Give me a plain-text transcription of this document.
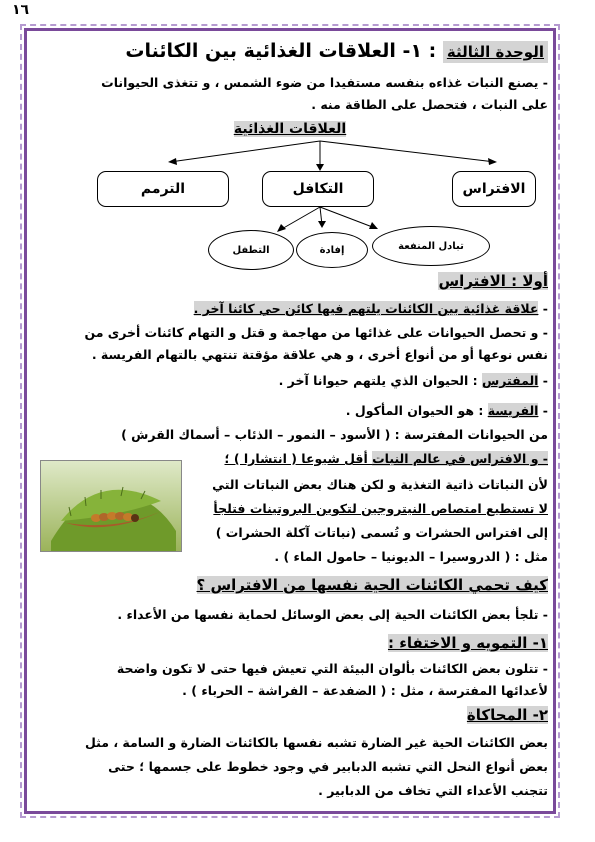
١٦
الوحدة الثالثة : ١- العلاقات الغذائية بين الكائنات
- يصنع النبات غذاءه بنفسه مستفيدا من ضوء الشمس ، و تتغذى الحيوانات
على النبات ، فتحصل على الطاقة منه .
العلاقات الغذائية
الافتراس
التكافل
الترمم
تبادل المنفعة
إفادة
التطفل
أولا : الافتراس
- علاقة غذائية بين الكائنات يلتهم فيها كائن حي كائنا آخر .
- و تحصل الحيوانات على غذائها من مهاجمة و قتل و التهام كائنات أخرى من
نفس نوعها أو من أنواع أخرى ، و هي علاقة مؤقتة تنتهي بالتهام الفريسة .
- المفترس : الحيوان الذي يلتهم حيوانا آخر .
- الفريسة : هو الحيوان المأكول .
من الحيوانات المفترسة : ( الأسود – النمور – الذئاب – أسماك القرش )
- و الافتراس في عالم النبات أقل شيوعا ( انتشارا ) ؛
لأن النباتات ذاتية التغذية و لكن هناك بعض النباتات التي
لا تستطيع امتصاص النيتروجين لتكوين البروتينات فتلجأ
إلى افتراس الحشرات و تُسمى (نباتات آكلة الحشرات )
مثل : ( الدروسيرا – الديونيا – حامول الماء ) .
كيف تحمي الكائنات الحية نفسها من الافتراس ؟
- تلجأ بعض الكائنات الحية إلى بعض الوسائل لحماية نفسها من الأعداء .
١- التمويه و الاختفاء :
- تتلون بعض الكائنات بألوان البيئة التي تعيش فيها حتى لا تكون واضحة
لأعدائها المفترسة ، مثل : ( الضفدعة – الفراشة – الحرباء ) .
٢- المحاكاة
بعض الكائنات الحية غير الضارة تشبه نفسها بالكائنات الضارة و السامة ، مثل
بعض أنواع النحل التي تشبه الدبابير في وجود خطوط على جسمها ؛ حتى
تتجنب الأعداء التي تخاف من الدبابير .
